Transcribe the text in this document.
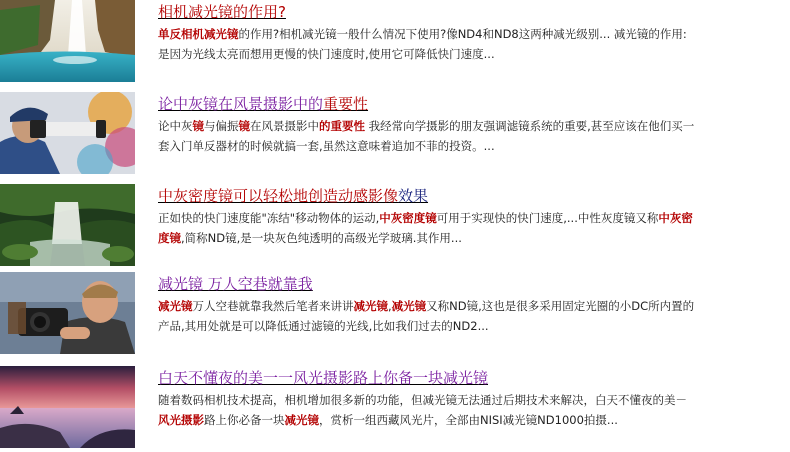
相机减光镜的作用?
单反相机减光镜的作用?相机减光镜一般什么情况下使用?像ND4和ND8这两种减光级别... 减光镜的作用:是因为光线太亮而想用更慢的快门速度时,使用它可降低快门速度...
论中灰镜在风景摄影中的重要性
论中灰镜与偏振镜在风景摄影中的重要性 我经常向学摄影的朋友强调滤镜系统的重要,甚至应该在他们买一套入门单反器材的时候就搞一套,虽然这意味着追加不菲的投资。...
中灰密度镜可以轻松地创造动感影像效果
正如快的快门速度能"冻结"移动物体的运动,中灰密度镜可用于实现快的快门速度,...中性灰度镜又称中灰密度镜,简称ND镜,是一块灰色纯透明的高级光学玻璃.其作用...
减光镜 万人空巷就靠我
减光镜万人空巷就靠我然后笔者来讲讲减光镜,减光镜又称ND镜,这也是很多采用固定光圈的小DC所内置的产品,其用处就是可以降低通过滤镜的光线,比如我们过去的ND2...
白天不懂夜的美一一风光摄影路上你备一块减光镜
随着数码相机技术提高，相机增加很多新的功能，但减光镜无法通过后期技术来解决，白天不懂夜的美－风光摄影路上你必备一块减光镜，赏析一组西藏风光片，全部由NISI减光镜ND1000拍摄...
